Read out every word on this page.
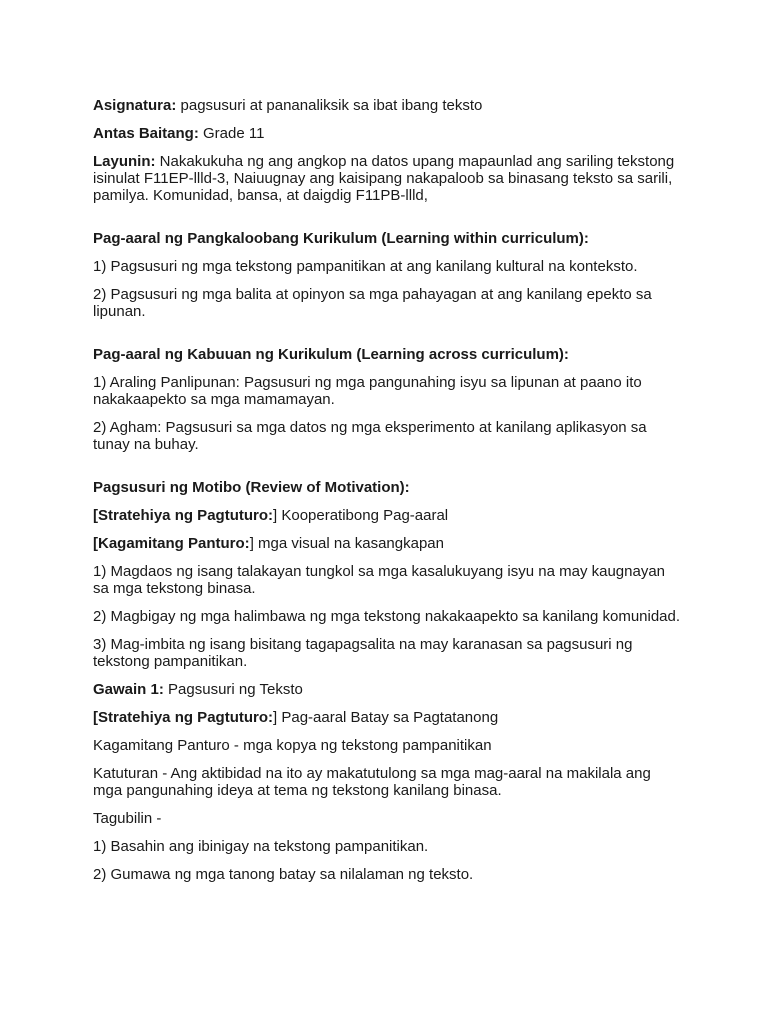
Asignatura: pagsusuri at pananaliksik sa ibat ibang teksto

Antas Baitang: Grade 11

Layunin: Nakakukuha ng ang angkop na datos upang mapaunlad ang sariling tekstong isinulat F11EP-llld-3, Naiuugnay ang kaisipang nakapaloob sa binasang teksto sa sarili, pamilya. Komunidad, bansa, at daigdig F11PB-llld,

Pag-aaral ng Pangkaloobang Kurikulum (Learning within curriculum):

1) Pagsusuri ng mga tekstong pampanitikan at ang kanilang kultural na konteksto.

2) Pagsusuri ng mga balita at opinyon sa mga pahayagan at ang kanilang epekto sa lipunan.

Pag-aaral ng Kabuuan ng Kurikulum (Learning across curriculum):

1) Araling Panlipunan: Pagsusuri ng mga pangunahing isyu sa lipunan at paano ito nakakaapekto sa mga mamamayan.

2) Agham: Pagsusuri sa mga datos ng mga eksperimento at kanilang aplikasyon sa tunay na buhay.

Pagsusuri ng Motibo (Review of Motivation):

[Stratehiya ng Pagtuturo:] Kooperatibong Pag-aaral

[Kagamitang Panturo:] mga visual na kasangkapan

1) Magdaos ng isang talakayan tungkol sa mga kasalukuyang isyu na may kaugnayan sa mga tekstong binasa.

2) Magbigay ng mga halimbawa ng mga tekstong nakakaapekto sa kanilang komunidad.

3) Mag-imbita ng isang bisitang tagapagsalita na may karanasan sa pagsusuri ng tekstong pampanitikan.

Gawain 1: Pagsusuri ng Teksto

[Stratehiya ng Pagtuturo:] Pag-aaral Batay sa Pagtatanong

Kagamitang Panturo - mga kopya ng tekstong pampanitikan

Katuturan - Ang aktibidad na ito ay makatutulong sa mga mag-aaral na makilala ang mga pangunahing ideya at tema ng tekstong kanilang binasa.

Tagubilin -

1) Basahin ang ibinigay na tekstong pampanitikan.

2) Gumawa ng mga tanong batay sa nilalaman ng teksto.
